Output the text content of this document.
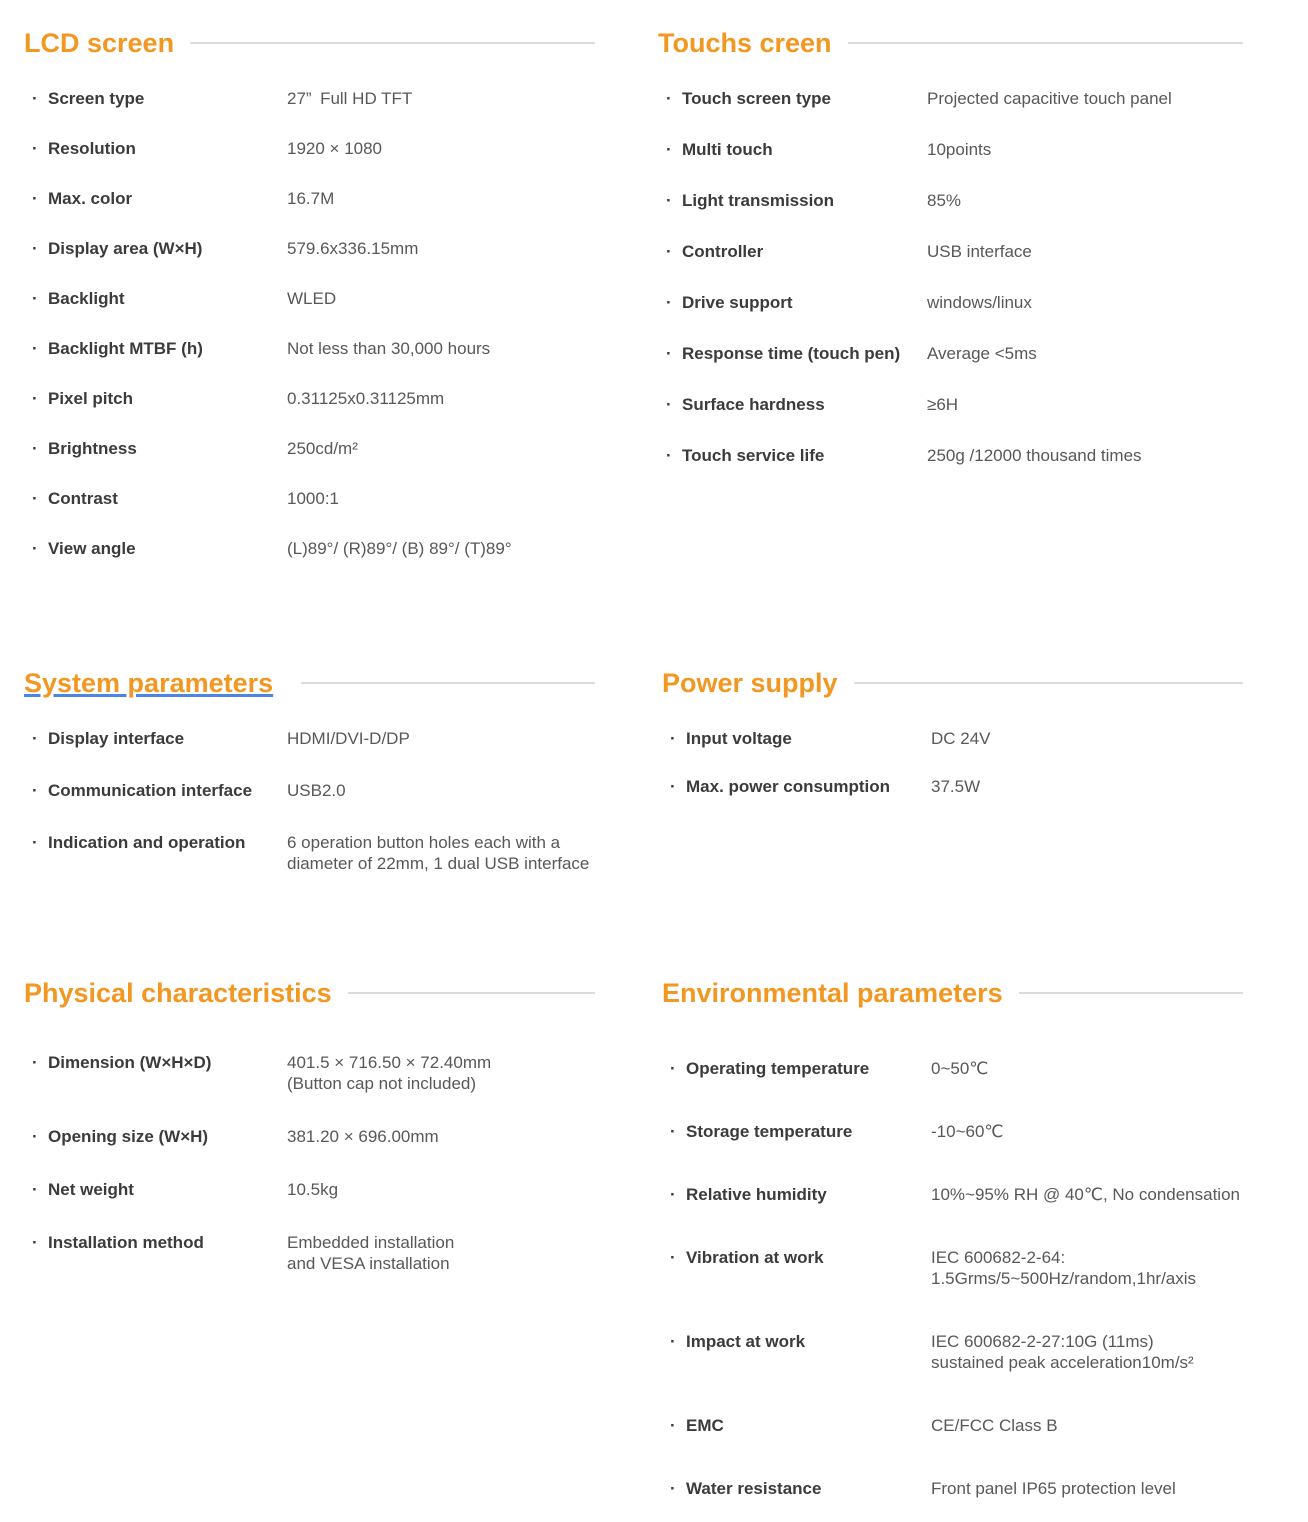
LCD screen
· Screen type	27” Full HD TFT
· Resolution	1920 × 1080
· Max. color	16.7M
· Display area (W×H)	579.6x336.15mm
· Backlight	WLED
· Backlight MTBF (h)	Not less than 30,000 hours
· Pixel pitch	0.31125x0.31125mm
· Brightness	250cd/m²
· Contrast	1000:1
· View angle	(L)89°/ (R)89°/ (B) 89°/ (T)89°
Touchs creen
· Touch screen type	Projected capacitive touch panel
· Multi touch	10points
· Light transmission	85%
· Controller	USB interface
· Drive support	windows/linux
· Response time (touch pen)	Average <5ms
· Surface hardness	≥6H
· Touch service life	250g /12000 thousand times
System parameters
· Display interface	HDMI/DVI-D/DP
· Communication interface	USB2.0
· Indication and operation	6 operation button holes each with a
diameter of 22mm, 1 dual USB interface
Power supply
· Input voltage	DC 24V
· Max. power consumption	37.5W
Physical characteristics
· Dimension (W×H×D)	401.5 × 716.50 × 72.40mm
(Button cap not included)
· Opening size (W×H)	381.20 × 696.00mm
· Net weight	10.5kg
· Installation method	Embedded installation
and VESA installation
Environmental parameters
· Operating temperature	0~50℃
· Storage temperature	-10~60℃
· Relative humidity	10%~95% RH @ 40℃, No condensation
· Vibration at work	IEC 600682-2-64:
1.5Grms/5~500Hz/random,1hr/axis
· Impact at work	IEC 600682-2-27:10G (11ms)
sustained peak acceleration10m/s²
· EMC	CE/FCC Class B
· Water resistance	Front panel IP65 protection level
